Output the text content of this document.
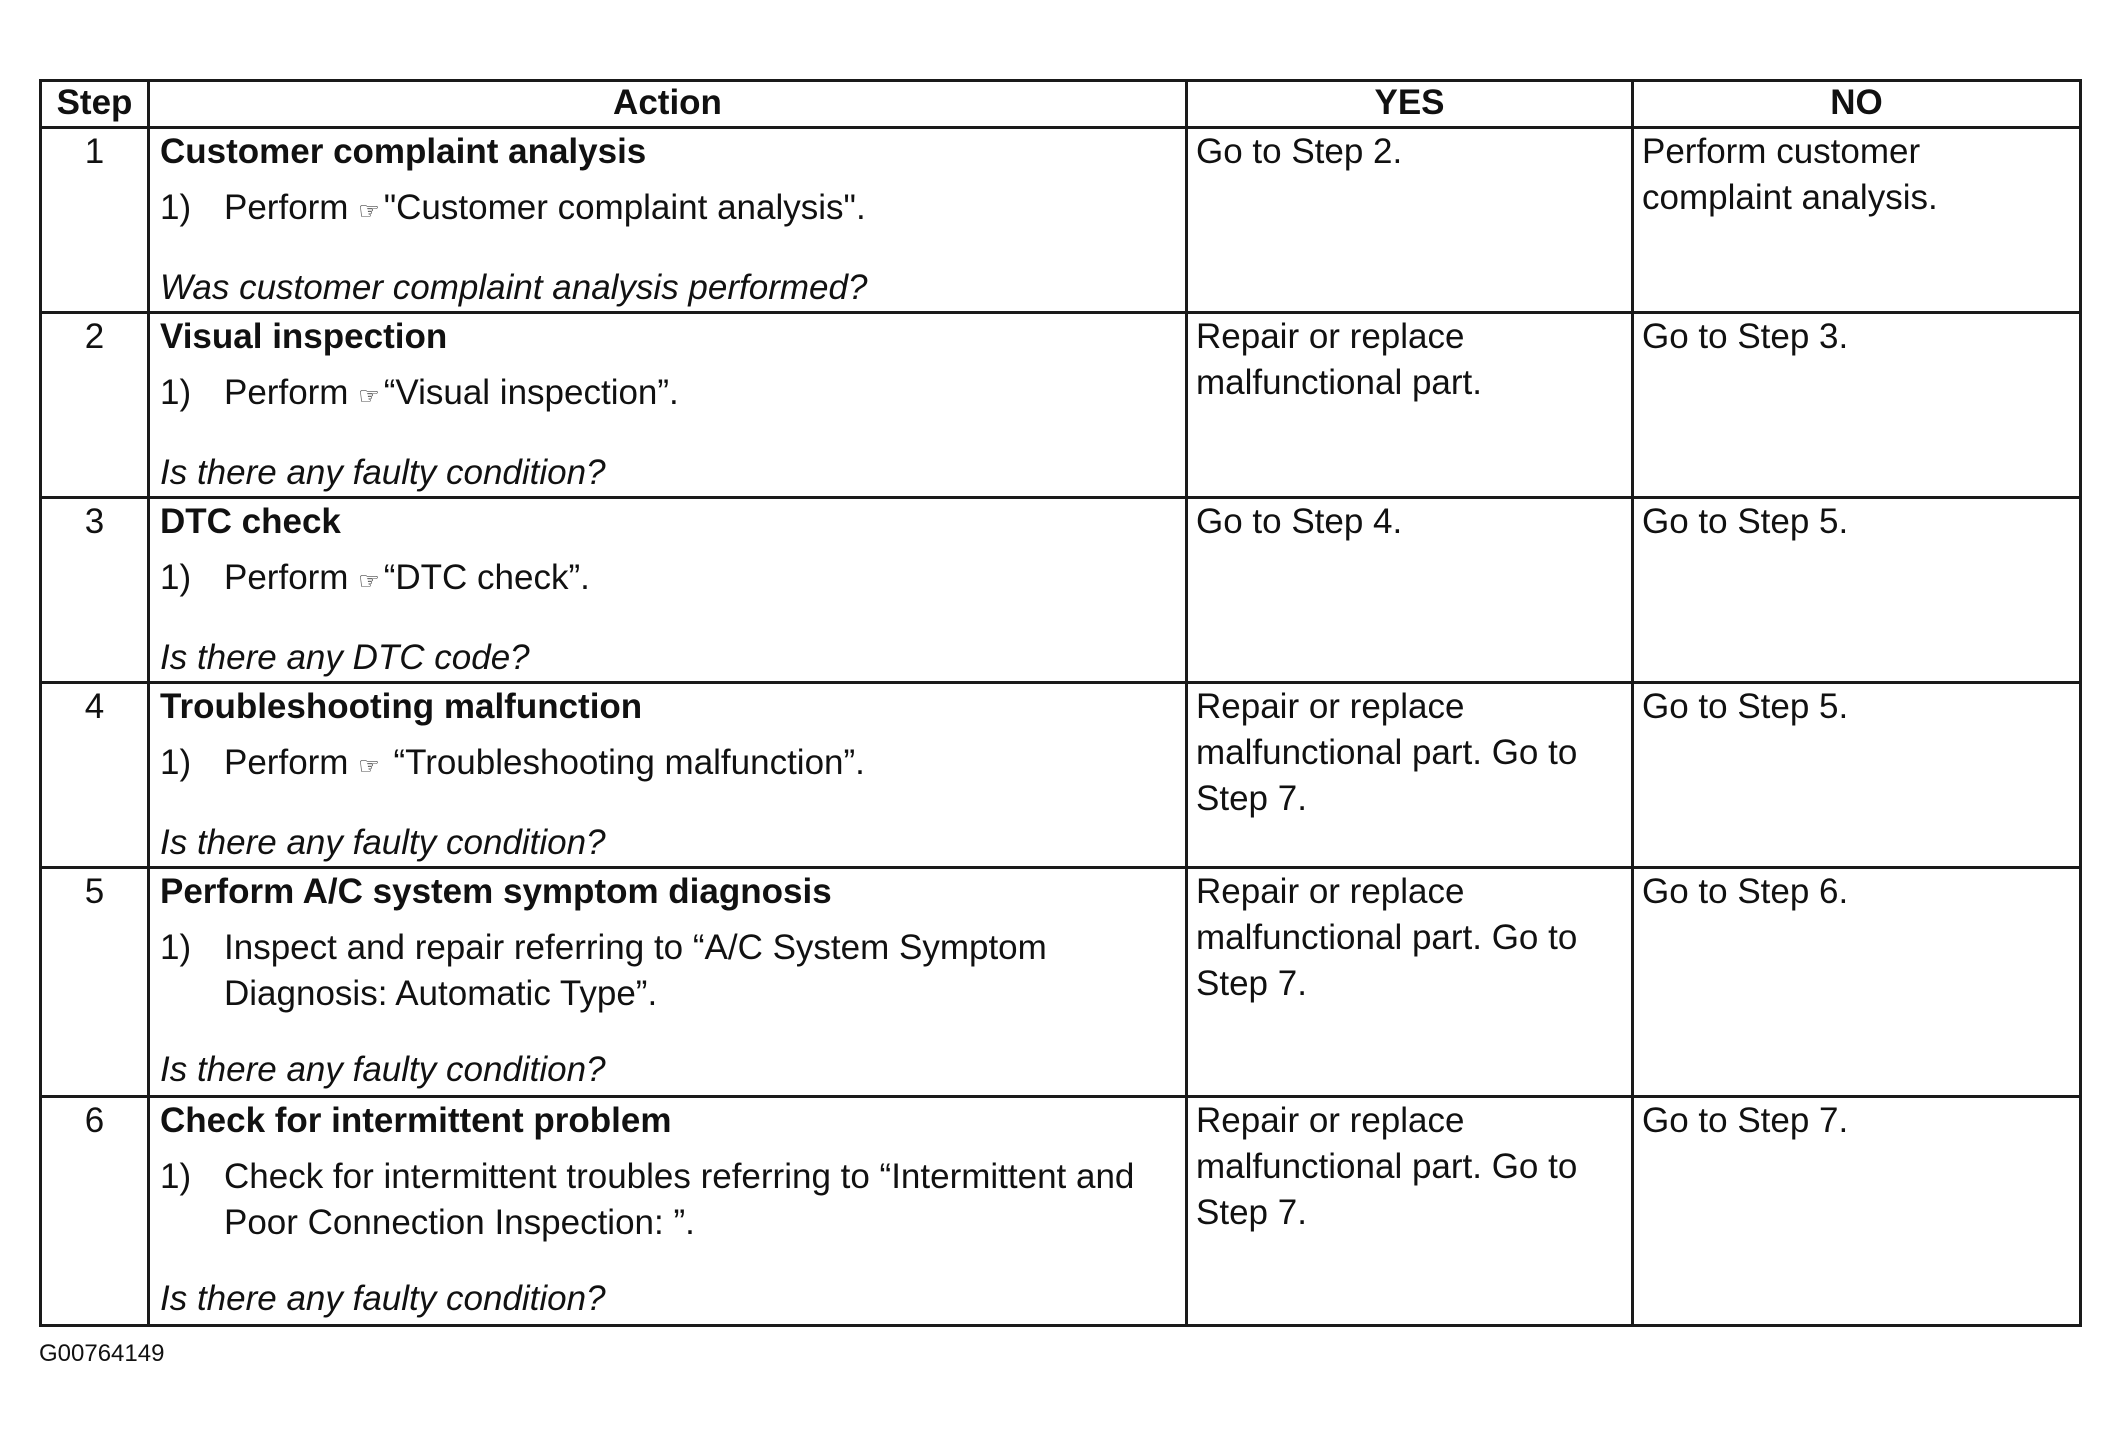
Step	Action	YES	NO
1	Customer complaint analysis
1) Perform ☞ "Customer complaint analysis".
Was customer complaint analysis performed?	Go to Step 2.	Perform customer complaint analysis.
2	Visual inspection
1) Perform ☞ “Visual inspection”.
Is there any faulty condition?	Repair or replace malfunctional part.	Go to Step 3.
3	DTC check
1) Perform ☞ “DTC check”.
Is there any DTC code?	Go to Step 4.	Go to Step 5.
4	Troubleshooting malfunction
1) Perform ☞ “Troubleshooting malfunction”.
Is there any faulty condition?	Repair or replace malfunctional part. Go to Step 7.	Go to Step 5.
5	Perform A/C system symptom diagnosis
1) Inspect and repair referring to “A/C System Symptom Diagnosis: Automatic Type”.
Is there any faulty condition?	Repair or replace malfunctional part. Go to Step 7.	Go to Step 6.
6	Check for intermittent problem
1) Check for intermittent troubles referring to “Intermittent and Poor Connection Inspection: ”.
Is there any faulty condition?	Repair or replace malfunctional part. Go to Step 7.	Go to Step 7.
G00764149
